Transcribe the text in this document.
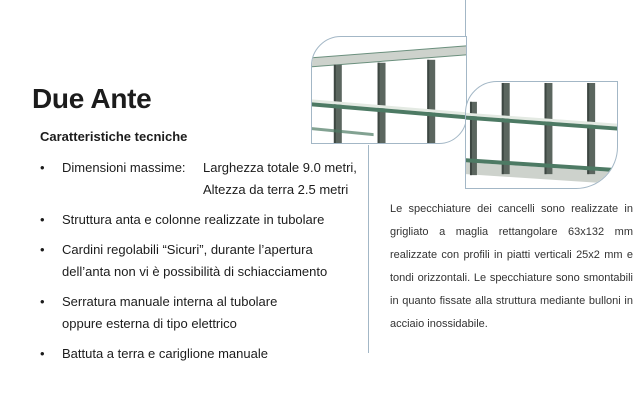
Due Ante
Caratteristiche tecniche
•	Dimensioni massime:	Larghezza totale 9.0 metri,
Altezza da terra 2.5 metri
•	Struttura anta e colonne realizzate in tubolare
•	Cardini regolabili “Sicuri”, durante l’apertura
dell’anta non vi è possibilità di schiacciamento
•	Serratura manuale interna al tubolare
oppure esterna di tipo elettrico
•	Battuta a terra e cariglione manuale

Le specchiature dei cancelli sono realizzate in grigliato a maglia rettangolare 63x132 mm realizzate con profili in piatti verticali 25x2 mm e tondi orizzontali. Le specchiature sono smontabili in quanto fissate alla struttura mediante bulloni in acciaio inossidabile.
